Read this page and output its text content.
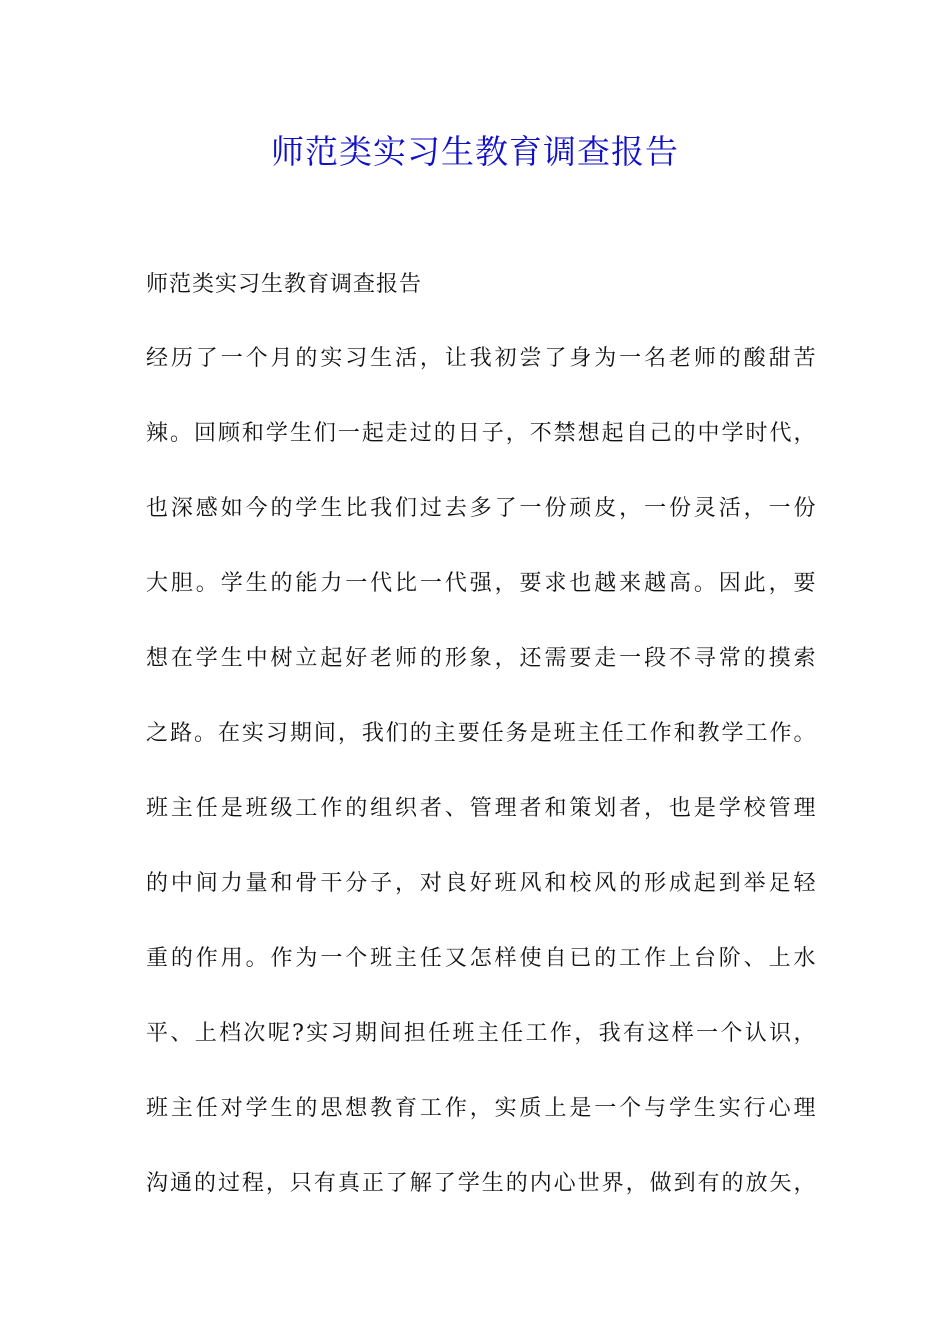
师范类实习生教育调查报告

师范类实习生教育调查报告

经历了一个月的实习生活，让我初尝了身为一名老师的酸甜苦

辣。回顾和学生们一起走过的日子，不禁想起自己的中学时代，

也深感如今的学生比我们过去多了一份顽皮，一份灵活，一份

大胆。学生的能力一代比一代强，要求也越来越高。因此，要

想在学生中树立起好老师的形象，还需要走一段不寻常的摸索

之路。在实习期间，我们的主要任务是班主任工作和教学工作。

班主任是班级工作的组织者、管理者和策划者，也是学校管理

的中间力量和骨干分子，对良好班风和校风的形成起到举足轻

重的作用。作为一个班主任又怎样使自已的工作上台阶、上水

平、上档次呢?实习期间担任班主任工作，我有这样一个认识，

班主任对学生的思想教育工作，实质上是一个与学生实行心理

沟通的过程，只有真正了解了学生的内心世界，做到有的放矢，
